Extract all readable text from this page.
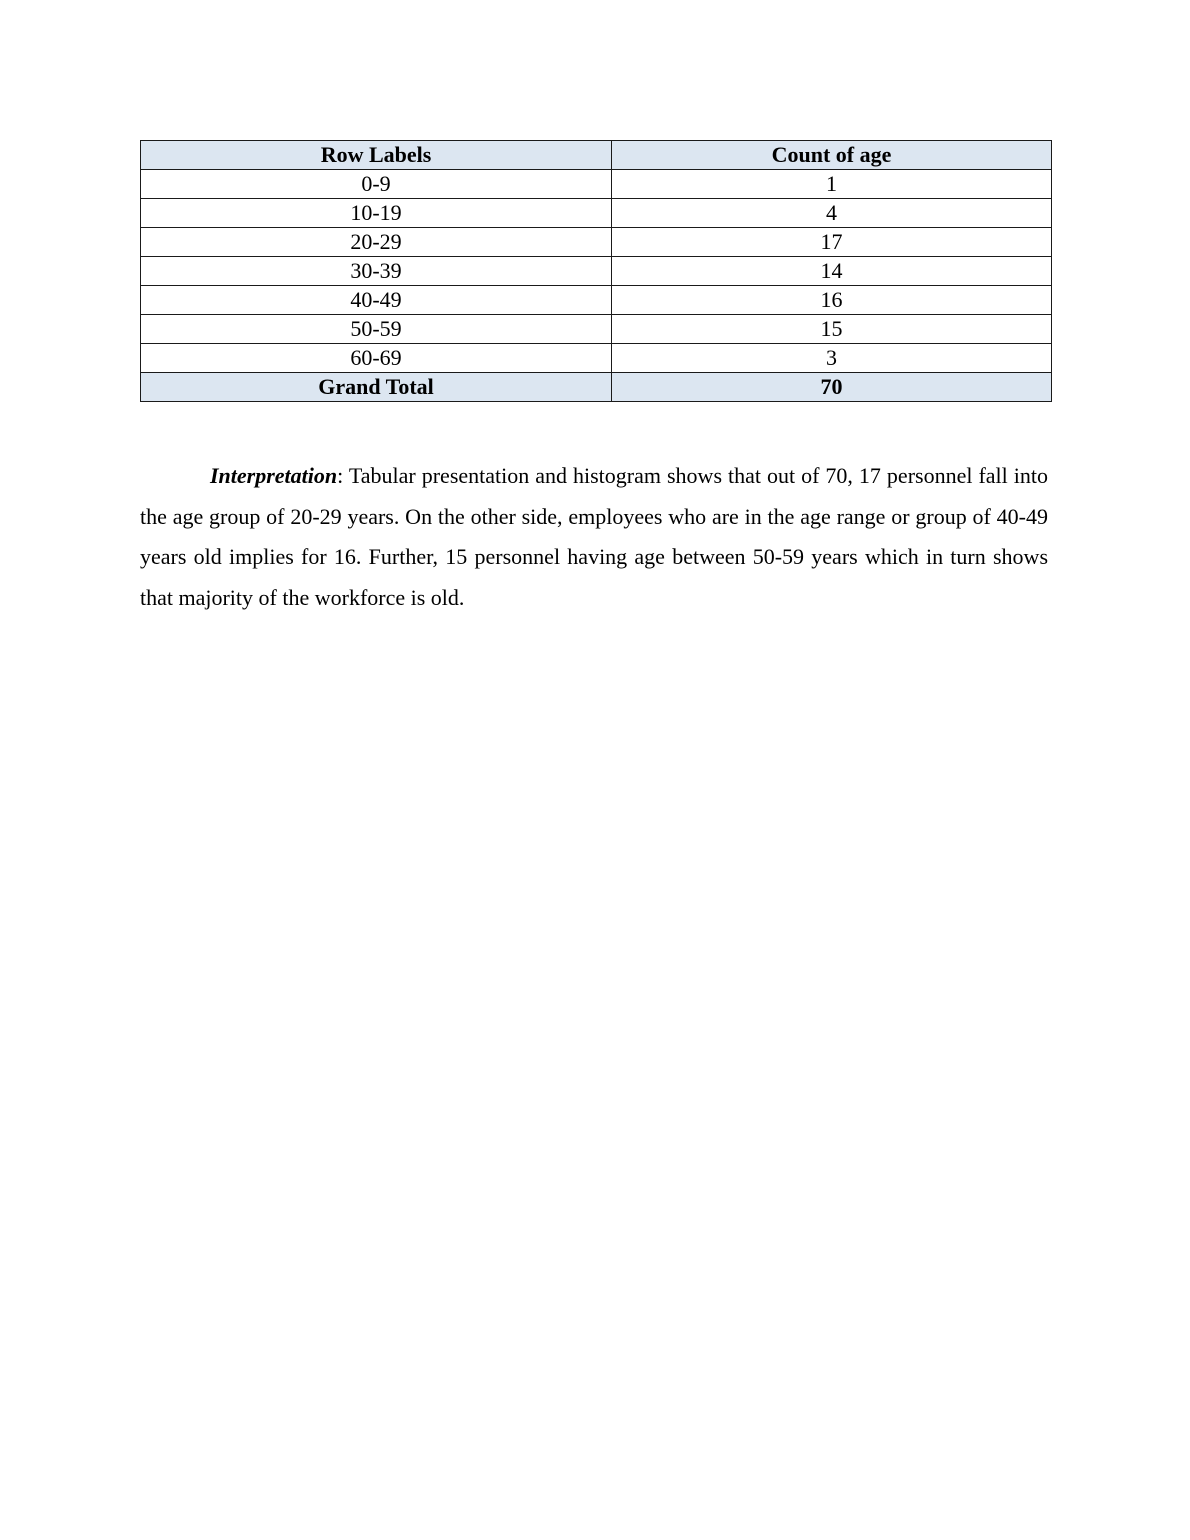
Row Labels	Count of age
0-9	1
10-19	4
20-29	17
30-39	14
40-49	16
50-59	15
60-69	3
Grand Total	70

Interpretation: Tabular presentation and histogram shows that out of 70, 17 personnel fall into the age group of 20-29 years. On the other side, employees who are in the age range or group of 40-49 years old implies for 16. Further, 15 personnel having age between 50-59 years which in turn shows that majority of the workforce is old.
